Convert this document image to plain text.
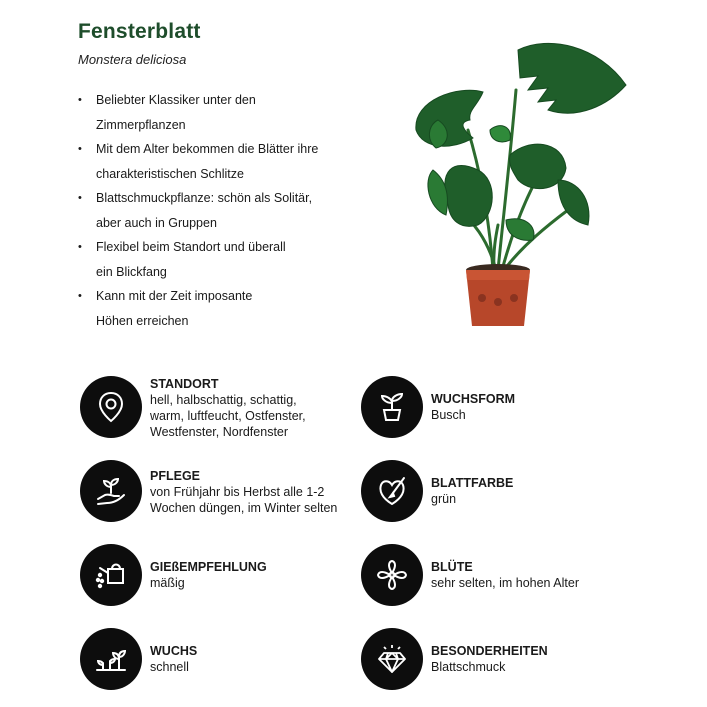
Fensterblatt
Monstera deliciosa
• Beliebter Klassiker unter den
Zimmerpflanzen
• Mit dem Alter bekommen die Blätter ihre
charakteristischen Schlitze
• Blattschmuckpflanze: schön als Solitär,
aber auch in Gruppen
• Flexibel beim Standort und überall
ein Blickfang
• Kann mit der Zeit imposante
Höhen erreichen
STANDORT
hell, halbschattig, schattig,
warm, luftfeucht, Ostfenster,
Westfenster, Nordfenster
WUCHSFORM
Busch
PFLEGE
von Frühjahr bis Herbst alle 1-2
Wochen düngen, im Winter selten
BLATTFARBE
grün
GIEßEMPFEHLUNG
mäßig
BLÜTE
sehr selten, im hohen Alter
WUCHS
schnell
BESONDERHEITEN
Blattschmuck
